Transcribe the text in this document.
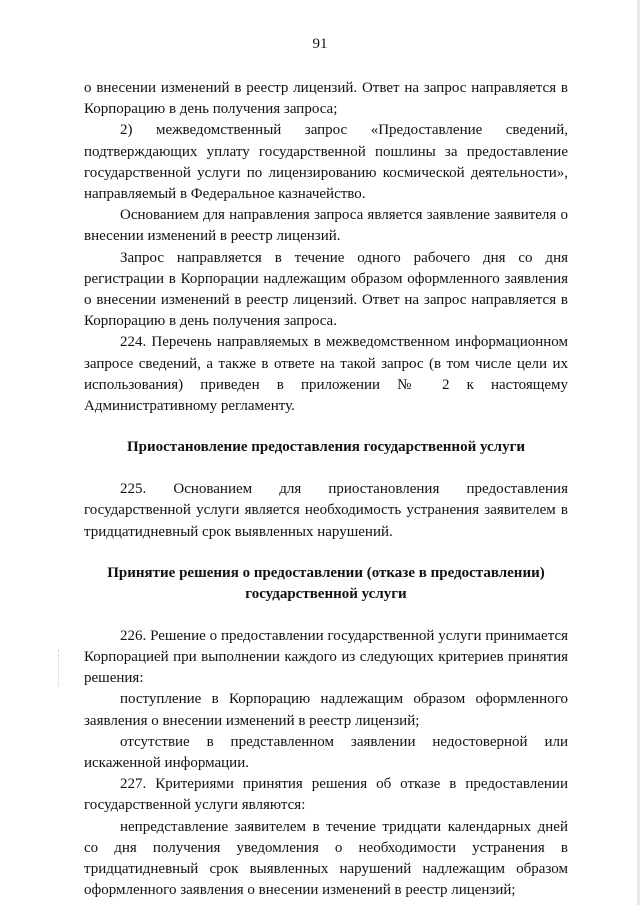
91

о внесении изменений в реестр лицензий. Ответ на запрос направляется в Корпорацию в день получения запроса;

2) межведомственный запрос «Предоставление сведений, подтверждающих уплату государственной пошлины за предоставление государственной услуги по лицензированию космической деятельности», направляемый в Федеральное казначейство.

Основанием для направления запроса является заявление заявителя о внесении изменений в реестр лицензий.

Запрос направляется в течение одного рабочего дня со дня регистрации в Корпорации надлежащим образом оформленного заявления о внесении изменений в реестр лицензий. Ответ на запрос направляется в Корпорацию в день получения запроса.

224. Перечень направляемых в межведомственном информационном запросе сведений, а также в ответе на такой запрос (в том числе цели их использования) приведен в приложении № 2 к настоящему Административному регламенту.

Приостановление предоставления государственной услуги

225. Основанием для приостановления предоставления государственной услуги является необходимость устранения заявителем в тридцатидневный срок выявленных нарушений.

Принятие решения о предоставлении (отказе в предоставлении) государственной услуги

226. Решение о предоставлении государственной услуги принимается Корпорацией при выполнении каждого из следующих критериев принятия решения:

поступление в Корпорацию надлежащим образом оформленного заявления о внесении изменений в реестр лицензий;

отсутствие в представленном заявлении недостоверной или искаженной информации.

227. Критериями принятия решения об отказе в предоставлении государственной услуги являются:

непредставление заявителем в течение тридцати календарных дней со дня получения уведомления о необходимости устранения в тридцатидневный срок выявленных нарушений надлежащим образом оформленного заявления о внесении изменений в реестр лицензий;
